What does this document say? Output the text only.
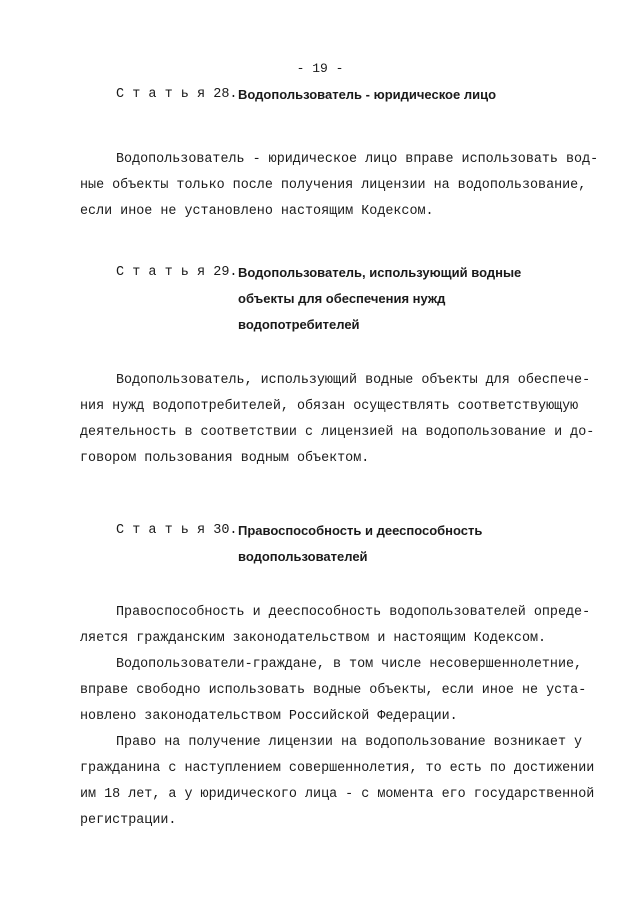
- 19 -
С т а т ь я 28. Водопользователь - юридическое лицо
Водопользователь - юридическое лицо вправе использовать вод-
ные объекты только после получения лицензии на водопользование,
если иное не установлено настоящим Кодексом.
С т а т ь я 29. Водопользователь, использующий водные
объекты для обеспечения нужд
водопотребителей
Водопользователь, использующий водные объекты для обеспече-
ния нужд водопотребителей, обязан осуществлять соответствующую
деятельность в соответствии с лицензией на водопользование и до-
говором пользования водным объектом.
С т а т ь я 30. Правоспособность и дееспособность
водопользователей
Правоспособность и дееспособность водопользователей опреде-
ляется гражданским законодательством и настоящим Кодексом.
Водопользователи-граждане, в том числе несовершеннолетние,
вправе свободно использовать водные объекты, если иное не уста-
новлено законодательством Российской Федерации.
Право на получение лицензии на водопользование возникает у
гражданина с наступлением совершеннолетия, то есть по достижении
им 18 лет, а у юридического лица - с момента его государственной
регистрации.
